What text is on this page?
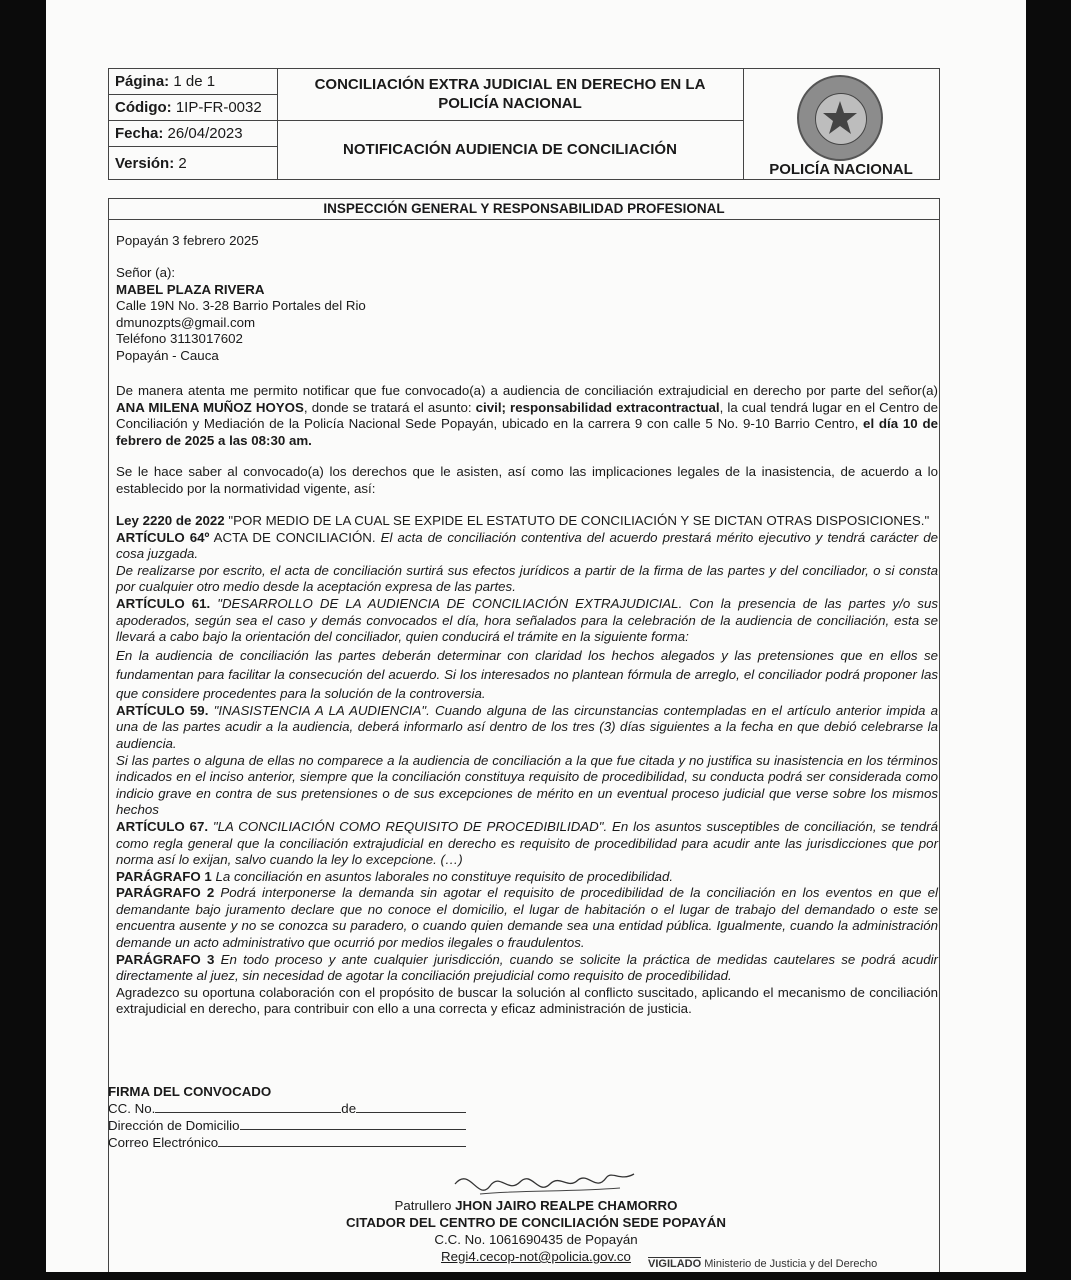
Página: 1 de 1
Código: 1IP-FR-0032
Fecha: 26/04/2023
Versión: 2
CONCILIACIÓN EXTRA JUDICIAL EN DERECHO EN LA
POLICÍA NACIONAL
NOTIFICACIÓN AUDIENCIA DE CONCILIACIÓN
POLICÍA NACIONAL
INSPECCIÓN GENERAL Y RESPONSABILIDAD PROFESIONAL
Popayán 3 febrero 2025
Señor (a):
MABEL PLAZA RIVERA
Calle 19N No. 3-28 Barrio Portales del Rio
dmunozpts@gmail.com
Teléfono 3113017602
Popayán - Cauca
De manera atenta me permito notificar que fue convocado(a) a audiencia de conciliación extrajudicial en derecho por parte del señor(a) ANA MILENA MUÑOZ HOYOS, donde se tratará el asunto: civil; responsabilidad extracontractual, la cual tendrá lugar en el Centro de Conciliación y Mediación de la Policía Nacional Sede Popayán, ubicado en la carrera 9 con calle 5 No. 9-10 Barrio Centro, el día 10 de febrero de 2025 a las 08:30 am.
Se le hace saber al convocado(a) los derechos que le asisten, así como las implicaciones legales de la inasistencia, de acuerdo a lo establecido por la normatividad vigente, así:
Ley 2220 de 2022 "POR MEDIO DE LA CUAL SE EXPIDE EL ESTATUTO DE CONCILIACIÓN Y SE DICTAN OTRAS DISPOSICIONES."
ARTÍCULO 64º ACTA DE CONCILIACIÓN. El acta de conciliación contentiva del acuerdo prestará mérito ejecutivo y tendrá carácter de cosa juzgada.
De realizarse por escrito, el acta de conciliación surtirá sus efectos jurídicos a partir de la firma de las partes y del conciliador, o si consta por cualquier otro medio desde la aceptación expresa de las partes.
ARTÍCULO 61. "DESARROLLO DE LA AUDIENCIA DE CONCILIACIÓN EXTRAJUDICIAL. Con la presencia de las partes y/o sus apoderados, según sea el caso y demás convocados el día, hora señalados para la celebración de la audiencia de conciliación, esta se llevará a cabo bajo la orientación del conciliador, quien conducirá el trámite en la siguiente forma:
En la audiencia de conciliación las partes deberán determinar con claridad los hechos alegados y las pretensiones que en ellos se fundamentan para facilitar la consecución del acuerdo. Si los interesados no plantean fórmula de arreglo, el conciliador podrá proponer las que considere procedentes para la solución de la controversia.
ARTÍCULO 59. "INASISTENCIA A LA AUDIENCIA". Cuando alguna de las circunstancias contempladas en el artículo anterior impida a una de las partes acudir a la audiencia, deberá informarlo así dentro de los tres (3) días siguientes a la fecha en que debió celebrarse la audiencia.
Si las partes o alguna de ellas no comparece a la audiencia de conciliación a la que fue citada y no justifica su inasistencia en los términos indicados en el inciso anterior, siempre que la conciliación constituya requisito de procedibilidad, su conducta podrá ser considerada como indicio grave en contra de sus pretensiones o de sus excepciones de mérito en un eventual proceso judicial que verse sobre los mismos hechos
ARTÍCULO 67. "LA CONCILIACIÓN COMO REQUISITO DE PROCEDIBILIDAD". En los asuntos susceptibles de conciliación, se tendrá como regla general que la conciliación extrajudicial en derecho es requisito de procedibilidad para acudir ante las jurisdicciones que por norma así lo exijan, salvo cuando la ley lo excepcione. (…)
PARÁGRAFO 1 La conciliación en asuntos laborales no constituye requisito de procedibilidad.
PARÁGRAFO 2 Podrá interponerse la demanda sin agotar el requisito de procedibilidad de la conciliación en los eventos en que el demandante bajo juramento declare que no conoce el domicilio, el lugar de habitación o el lugar de trabajo del demandado o este se encuentra ausente y no se conozca su paradero, o cuando quien demande sea una entidad pública. Igualmente, cuando la administración demande un acto administrativo que ocurrió por medios ilegales o fraudulentos.
PARÁGRAFO 3 En todo proceso y ante cualquier jurisdicción, cuando se solicite la práctica de medidas cautelares se podrá acudir directamente al juez, sin necesidad de agotar la conciliación prejudicial como requisito de procedibilidad.
Agradezco su oportuna colaboración con el propósito de buscar la solución al conflicto suscitado, aplicando el mecanismo de conciliación extrajudicial en derecho, para contribuir con ello a una correcta y eficaz administración de justicia.
FIRMA DEL CONVOCADO
CC. No.	de
Dirección de Domicilio
Correo Electrónico
Patrullero JHON JAIRO REALPE CHAMORRO
CITADOR DEL CENTRO DE CONCILIACIÓN SEDE POPAYÁN
C.C. No. 1061690435 de Popayán
Regi4.cecop-not@policia.gov.co	VIGILADO Ministerio de Justicia y del Derecho
